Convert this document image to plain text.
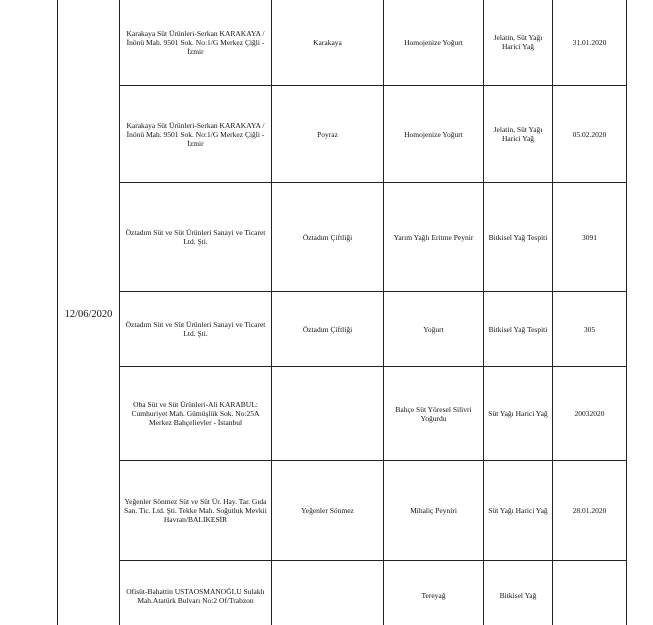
12/06/2020	Karakaya Süt Ürünleri-Serkan KARAKAYA / İnönü Mah. 9501 Sok. No:1/G Merkez Çiğli - İzmir	Karakaya	Homojenize Yoğurt	Jelatin, Süt Yağı Harici Yağ	31.01.2020

	Karakaya Süt Ürünleri-Serkan KARAKAYA / İnönü Mah. 9501 Sok. No:1/G Merkez Çiğli - İzmir	Poyraz	Homojenize Yoğurt	Jelatin, Süt Yağı Harici Yağ	05.02.2020

	Öztadım Süt ve Süt Ürünleri Sanayi ve Ticaret Ltd. Şti.	Öztadım Çiftliği	Yarım Yağlı Eritme Peynir	Bitkisel Yağ Tespiti	3091

	Öztadım Süt ve Süt Ürünleri Sanayi ve Ticaret Ltd. Şti.	Öztadım Çiftliği	Yoğurt	Bitkisel Yağ Tespiti	305

	Oba Süt ve Süt Ürünleri-Ali KARABUL: Cumhuriyet Mah. Gümüşlük Sok. No:25A Merkez Bahçelievler - İstanbul		Bahçe Süt Yöresel Silivri Yoğurdu	Süt Yağı Harici Yağ	20032020

	Yeğenler Sönmez Süt ve Süt Ür. Hay. Tar. Gıda San. Tic. Ltd. Şti. Tekke Mah. Soğutluk Mevkii Havran/BALIKESİR	Yeğenler Sönmez	Mihaliç Peyniri	Süt Yağı Harici Yağ	28.01.2020

	Ofisüt-Bahattin USTAOSMANOĞLU Sulaklı Mah.Atatürk Bulvarı No:2 Of/Trabzon		Tereyağ	Bitkisel Yağ	
